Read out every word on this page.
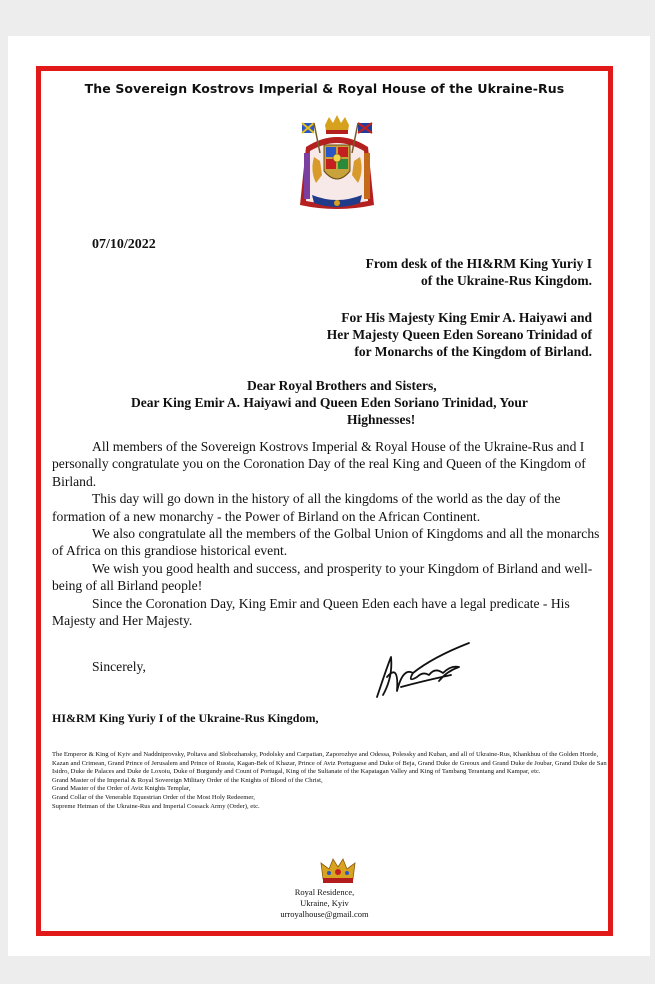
The Sovereign Kostrovs Imperial & Royal House of the Ukraine-Rus
07/10/2022
From desk of the HI&RM King Yuriy I
of the Ukraine-Rus Kingdom.
For His Majesty King Emir A. Haiyawi and
Her Majesty Queen Eden Soreano Trinidad of
for Monarchs of the Kingdom of Birland.
Dear Royal Brothers and Sisters,
Dear King Emir A. Haiyawi and Queen Eden Soriano Trinidad, Your
Highnesses!

All members of the Sovereign Kostrovs Imperial & Royal House of the Ukraine-Rus and I personally congratulate you on the Coronation Day of the real King and Queen of the Kingdom of Birland.

This day will go down in the history of all the kingdoms of the world as the day of the formation of a new monarchy - the Power of Birland on the African Continent.

We also congratulate all the members of the Golbal Union of Kingdoms and all the monarchs of Africa on this grandiose historical event.

We wish you good health and success, and prosperity to your Kingdom of Birland and well-being of all Birland people!

Since the Coronation Day, King Emir and Queen Eden each have a legal predicate - His Majesty and Her Majesty.

Sincerely,
HI&RM King Yuriy I of the Ukraine-Rus Kingdom,
The Emperor & King of Kyiv and Naddniprovsky, Poltava and Slobozhansky, Podolsky and Carpatian, Zaporozhye and Odessa, Polessky and Kuban, and all of Ukraine-Rus, Khankhuu of the Golden Horde, Kazan and Crimean, Grand Prince of Jerusalem and Prince of Russia, Kagan-Bek of Khazar, Prince of Aviz Portuguese and Duke of Beja, Grand Duke de Greoux and Grand Duke de Joubar, Grand Duke de San Isidro, Duke de Palaces and Duke de Loxoiu, Duke of Burgundy and Count of Portugal, King of the Sultanate of the Kapatagan Valley and King of Tambang Terantang and Kampar, etc.
Grand Master of the Imperial & Royal Sovereign Military Order of the Knights of Blood of the Christ,
Grand Master of the Order of Aviz Knights Templar,
Grand Collar of the Venerable Equestrian Order of the Most Holy Redeemer,
Supreme Hetman of the Ukraine-Rus and Imperial Cossack Army (Order), etc.
Royal Residence,
Ukraine, Kyiv
urroyalhouse@gmail.com
